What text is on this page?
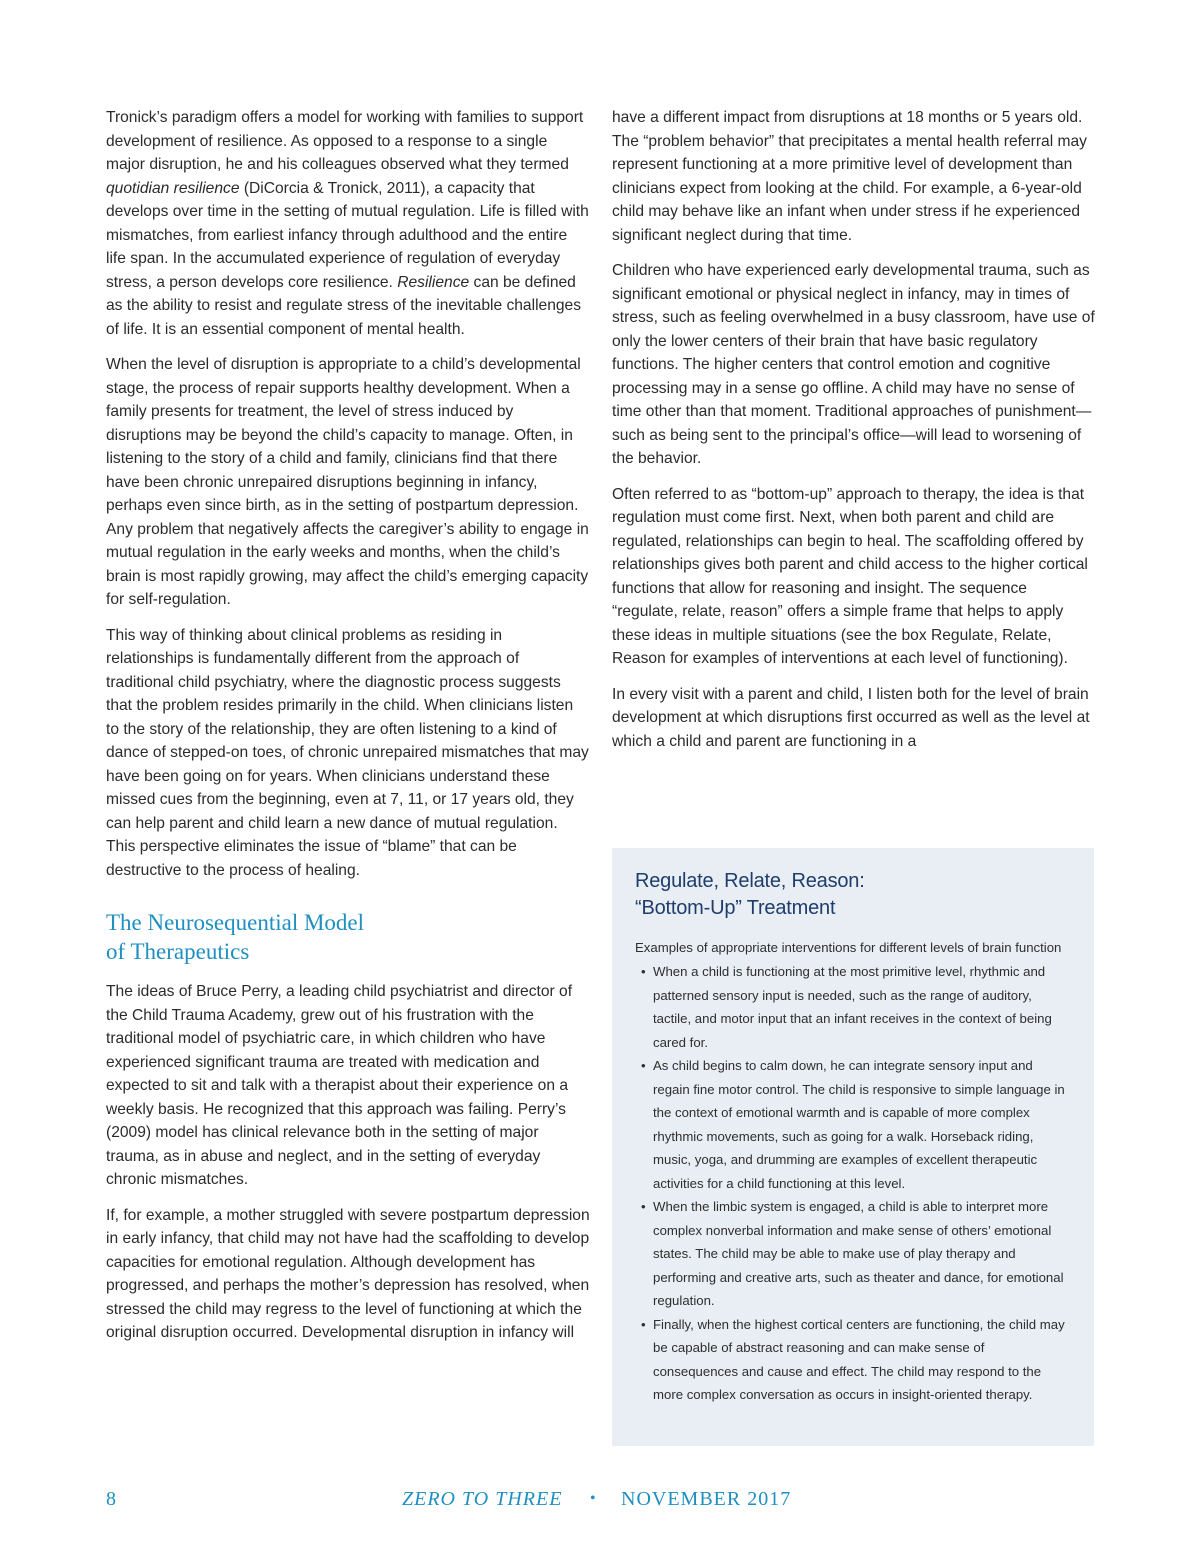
Tronick’s paradigm offers a model for working with families to support development of resilience. As opposed to a response to a single major disruption, he and his colleagues observed what they termed quotidian resilience (DiCorcia & Tronick, 2011), a capacity that develops over time in the setting of mutual regulation. Life is filled with mismatches, from earliest infancy through adulthood and the entire life span. In the accumulated experience of regulation of everyday stress, a person develops core resilience. Resilience can be defined as the ability to resist and regulate stress of the inevitable challenges of life. It is an essential component of mental health.

When the level of disruption is appropriate to a child’s developmental stage, the process of repair supports healthy development. When a family presents for treatment, the level of stress induced by disruptions may be beyond the child’s capacity to manage. Often, in listening to the story of a child and family, clinicians find that there have been chronic unrepaired disruptions beginning in infancy, perhaps even since birth, as in the setting of postpartum depression. Any problem that negatively affects the caregiver’s ability to engage in mutual regulation in the early weeks and months, when the child’s brain is most rapidly growing, may affect the child’s emerging capacity for self-regulation.

This way of thinking about clinical problems as residing in relationships is fundamentally different from the approach of traditional child psychiatry, where the diagnostic process suggests that the problem resides primarily in the child. When clinicians listen to the story of the relationship, they are often listening to a kind of dance of stepped-on toes, of chronic unrepaired mismatches that may have been going on for years. When clinicians understand these missed cues from the beginning, even at 7, 11, or 17 years old, they can help parent and child learn a new dance of mutual regulation. This perspective eliminates the issue of “blame” that can be destructive to the process of healing.

The Neurosequential Model
of Therapeutics

The ideas of Bruce Perry, a leading child psychiatrist and director of the Child Trauma Academy, grew out of his frustration with the traditional model of psychiatric care, in which children who have experienced significant trauma are treated with medication and expected to sit and talk with a therapist about their experience on a weekly basis. He recognized that this approach was failing. Perry’s (2009) model has clinical relevance both in the setting of major trauma, as in abuse and neglect, and in the setting of everyday chronic mismatches.

If, for example, a mother struggled with severe postpartum depression in early infancy, that child may not have had the scaffolding to develop capacities for emotional regulation. Although development has progressed, and perhaps the mother’s depression has resolved, when stressed the child may regress to the level of functioning at which the original disruption occurred. Developmental disruption in infancy will

have a different impact from disruptions at 18 months or 5 years old. The “problem behavior” that precipitates a mental health referral may represent functioning at a more primitive level of development than clinicians expect from looking at the child. For example, a 6-year-old child may behave like an infant when under stress if he experienced significant neglect during that time.

Children who have experienced early developmental trauma, such as significant emotional or physical neglect in infancy, may in times of stress, such as feeling overwhelmed in a busy classroom, have use of only the lower centers of their brain that have basic regulatory functions. The higher centers that control emotion and cognitive processing may in a sense go offline. A child may have no sense of time other than that moment. Traditional approaches of punishment—such as being sent to the principal’s office—will lead to worsening of the behavior.

Often referred to as “bottom-up” approach to therapy, the idea is that regulation must come first. Next, when both parent and child are regulated, relationships can begin to heal. The scaffolding offered by relationships gives both parent and child access to the higher cortical functions that allow for reasoning and insight. The sequence “regulate, relate, reason” offers a simple frame that helps to apply these ideas in multiple situations (see the box Regulate, Relate, Reason for examples of interventions at each level of functioning).

In every visit with a parent and child, I listen both for the level of brain development at which disruptions first occurred as well as the level at which a child and parent are functioning in a

Regulate, Relate, Reason:
“Bottom-Up” Treatment

Examples of appropriate interventions for different levels of brain function

• When a child is functioning at the most primitive level, rhythmic and patterned sensory input is needed, such as the range of auditory, tactile, and motor input that an infant receives in the context of being cared for.
• As child begins to calm down, he can integrate sensory input and regain fine motor control. The child is responsive to simple language in the context of emotional warmth and is capable of more complex rhythmic movements, such as going for a walk. Horseback riding, music, yoga, and drumming are examples of excellent therapeutic activities for a child functioning at this level.
• When the limbic system is engaged, a child is able to interpret more complex nonverbal information and make sense of others’ emotional states. The child may be able to make use of play therapy and performing and creative arts, such as theater and dance, for emotional regulation.
• Finally, when the highest cortical centers are functioning, the child may be capable of abstract reasoning and can make sense of consequences and cause and effect. The child may respond to the more complex conversation as occurs in insight-oriented therapy.
8	ZERO TO THREE • NOVEMBER 2017
